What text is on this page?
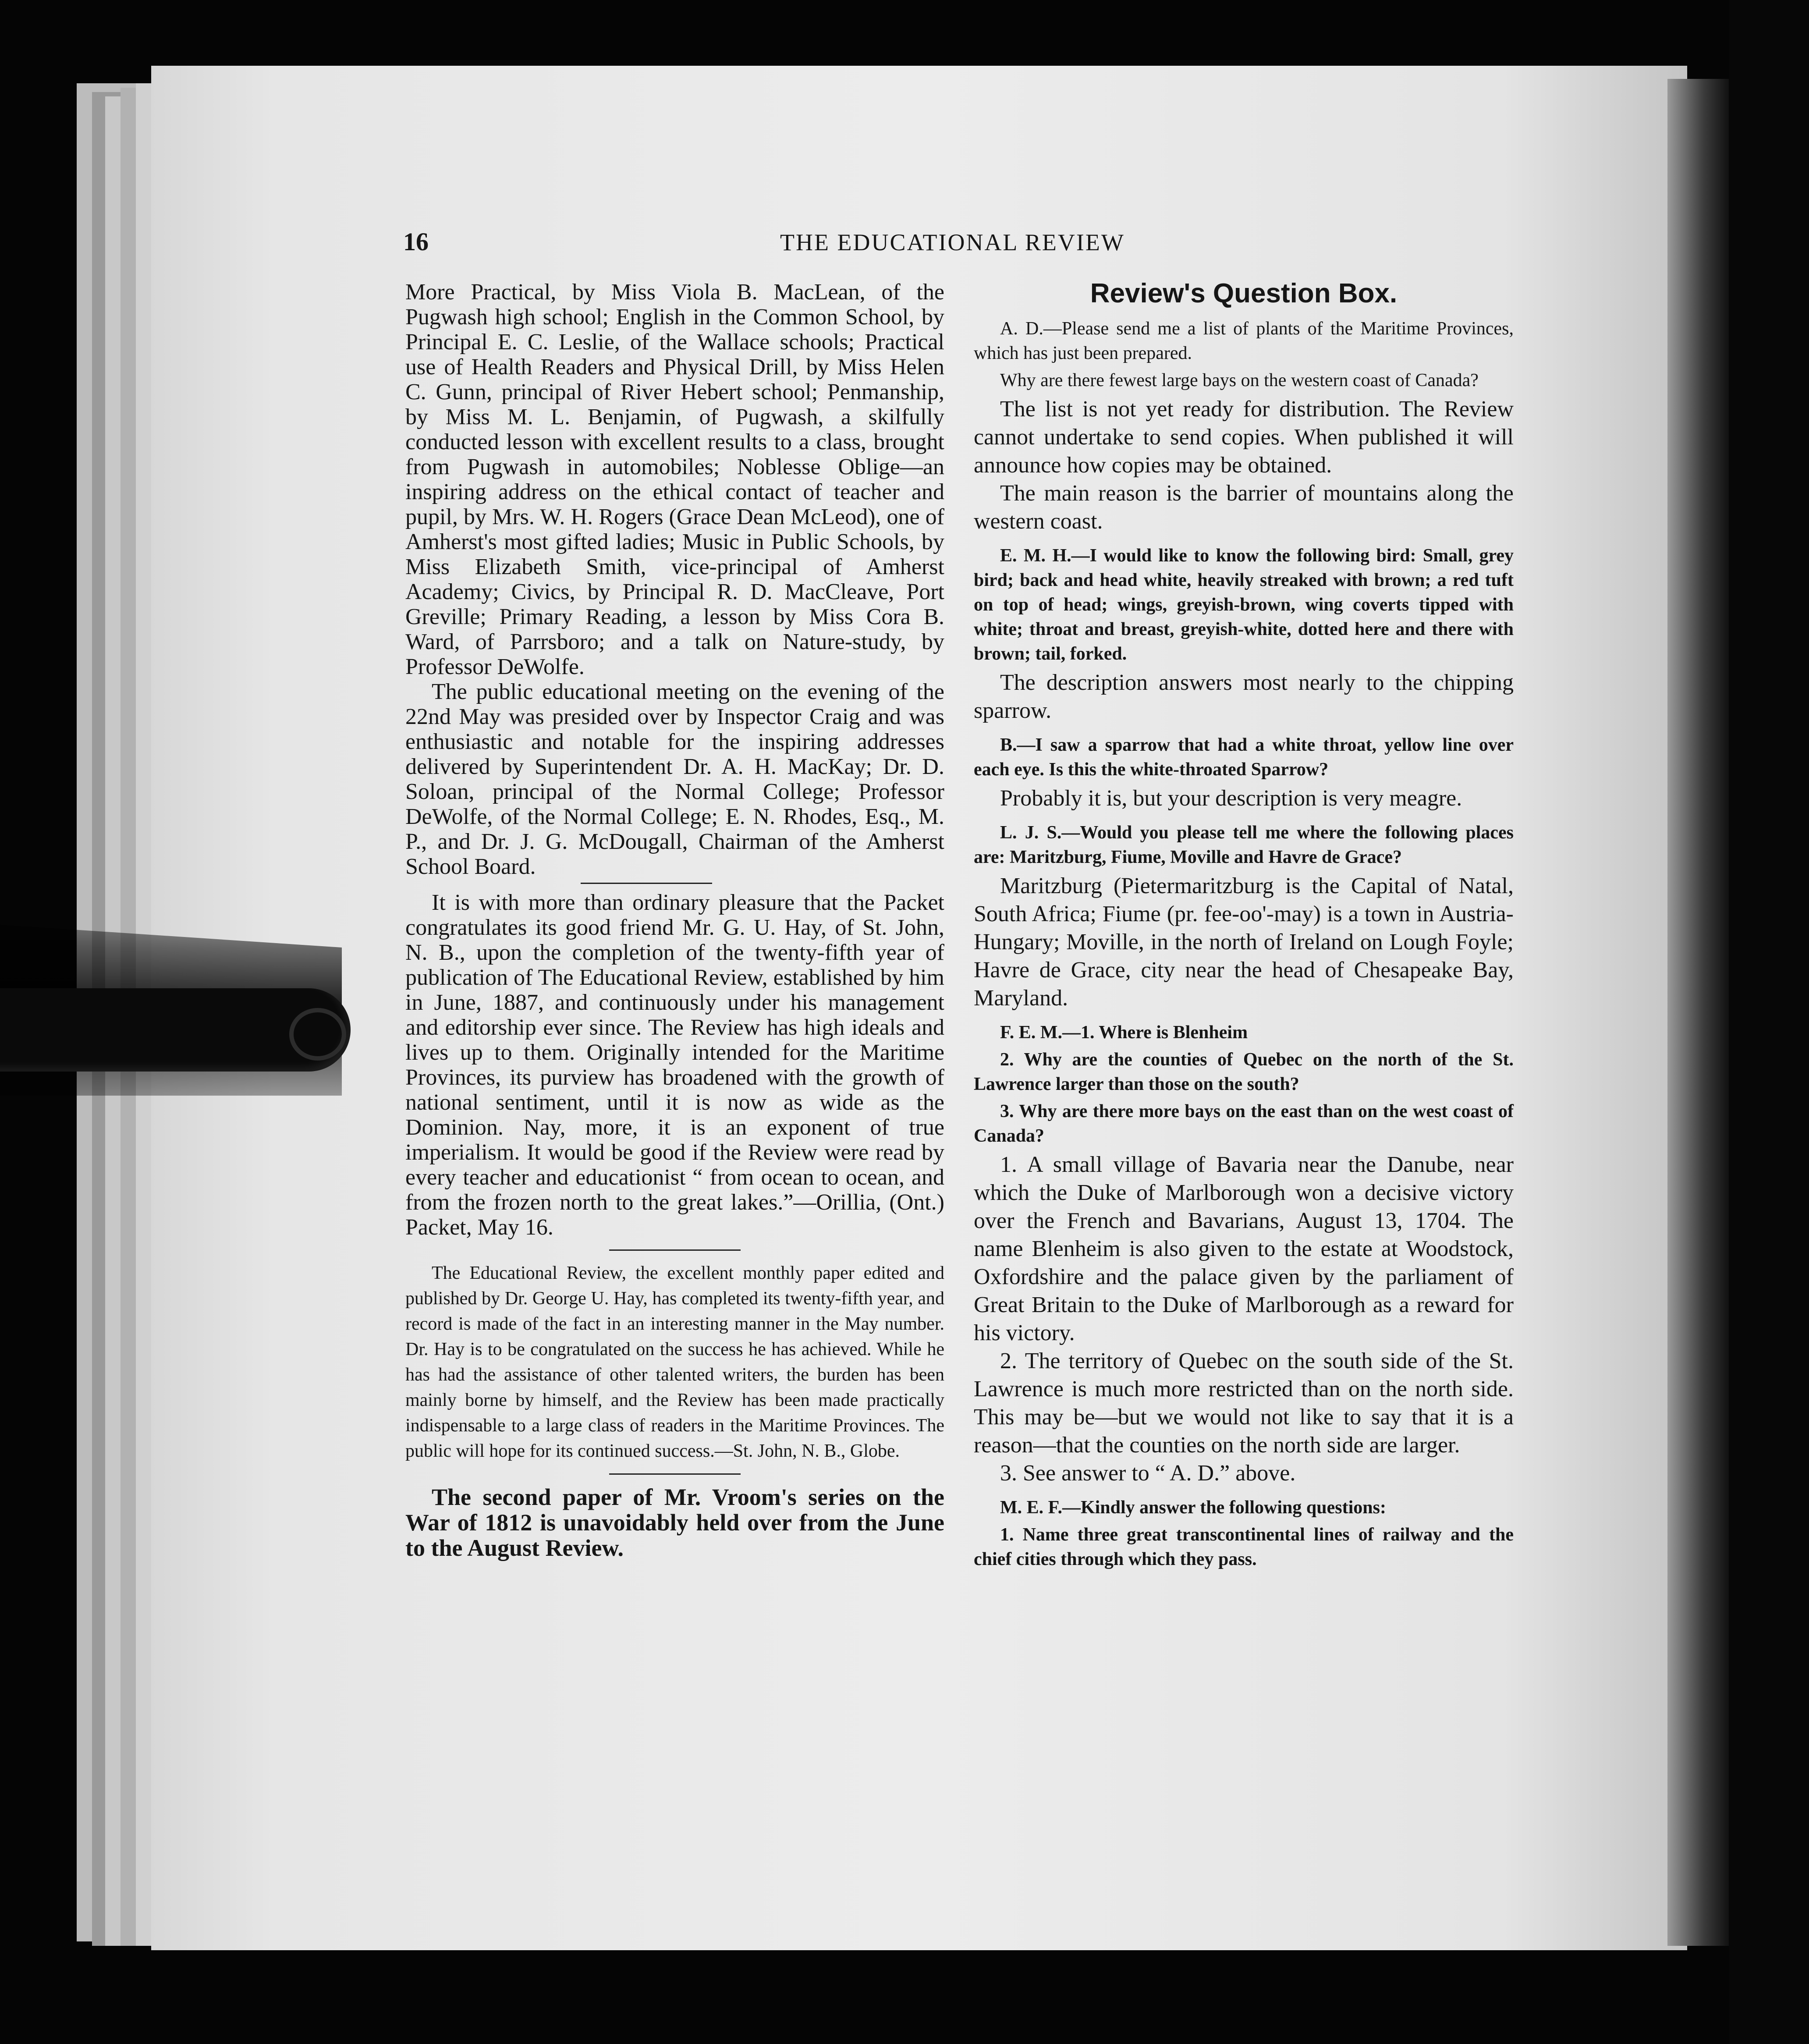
16	THE EDUCATIONAL REVIEW

More Practical, by Miss Viola B. MacLean, of the Pugwash high school; English in the Common School, by Principal E. C. Leslie, of the Wallace schools; Practical use of Health Readers and Physical Drill, by Miss Helen C. Gunn, principal of River Hebert school; Penmanship, by Miss M. L. Benjamin, of Pugwash, a skilfully conducted lesson with excellent results to a class, brought from Pugwash in automobiles; Noblesse Oblige—an inspiring address on the ethical contact of teacher and pupil, by Mrs. W. H. Rogers (Grace Dean McLeod), one of Amherst's most gifted ladies; Music in Public Schools, by Miss Elizabeth Smith, vice-principal of Amherst Academy; Civics, by Principal R. D. MacCleave, Port Greville; Primary Reading, a lesson by Miss Cora B. Ward, of Parrsboro; and a talk on Nature-study, by Professor DeWolfe.

The public educational meeting on the evening of the 22nd May was presided over by Inspector Craig and was enthusiastic and notable for the inspiring addresses delivered by Superintendent Dr. A. H. MacKay; Dr. D. Soloan, principal of the Normal College; Professor DeWolfe, of the Normal College; E. N. Rhodes, Esq., M. P., and Dr. J. G. McDougall, Chairman of the Amherst School Board.

It is with more than ordinary pleasure that the Packet congratulates its good friend Mr. G. U. Hay, of St. John, N. B., upon the completion of the twenty-fifth year of publication of The Educational Review, established by him in June, 1887, and continuously under his management and editorship ever since. The Review has high ideals and lives up to them. Originally intended for the Maritime Provinces, its purview has broadened with the growth of national sentiment, until it is now as wide as the Dominion. Nay, more, it is an exponent of true imperialism. It would be good if the Review were read by every teacher and educationist “ from ocean to ocean, and from the frozen north to the great lakes.”—Orillia, (Ont.) Packet, May 16.

The Educational Review, the excellent monthly paper edited and published by Dr. George U. Hay, has completed its twenty-fifth year, and record is made of the fact in an interesting manner in the May number. Dr. Hay is to be congratulated on the success he has achieved. While he has had the assistance of other talented writers, the burden has been mainly borne by himself, and the Review has been made practically indispensable to a large class of readers in the Maritime Provinces. The public will hope for its continued success.—St. John, N. B., Globe.

The second paper of Mr. Vroom's series on the War of 1812 is unavoidably held over from the June to the August Review.

Review's Question Box.

A. D.—Please send me a list of plants of the Maritime Provinces, which has just been prepared.

Why are there fewest large bays on the western coast of Canada?

The list is not yet ready for distribution. The Review cannot undertake to send copies. When published it will announce how copies may be obtained.

The main reason is the barrier of mountains along the western coast.

E. M. H.—I would like to know the following bird: Small, grey bird; back and head white, heavily streaked with brown; a red tuft on top of head; wings, greyish-brown, wing coverts tipped with white; throat and breast, greyish-white, dotted here and there with brown; tail, forked.

The description answers most nearly to the chipping sparrow.

B.—I saw a sparrow that had a white throat, yellow line over each eye. Is this the white-throated Sparrow?

Probably it is, but your description is very meagre.

L. J. S.—Would you please tell me where the following places are: Maritzburg, Fiume, Moville and Havre de Grace?

Maritzburg (Pietermaritzburg is the Capital of Natal, South Africa; Fiume (pr. fee-oo'-may) is a town in Austria-Hungary; Moville, in the north of Ireland on Lough Foyle; Havre de Grace, city near the head of Chesapeake Bay, Maryland.

F. E. M.—1. Where is Blenheim

2. Why are the counties of Quebec on the north of the St. Lawrence larger than those on the south?

3. Why are there more bays on the east than on the west coast of Canada?

1. A small village of Bavaria near the Danube, near which the Duke of Marlborough won a decisive victory over the French and Bavarians, August 13, 1704. The name Blenheim is also given to the estate at Woodstock, Oxfordshire and the palace given by the parliament of Great Britain to the Duke of Marlborough as a reward for his victory.

2. The territory of Quebec on the south side of the St. Lawrence is much more restricted than on the north side. This may be—but we would not like to say that it is a reason—that the counties on the north side are larger.

3. See answer to “ A. D.” above.

M. E. F.—Kindly answer the following questions:

1. Name three great transcontinental lines of railway and the chief cities through which they pass.
